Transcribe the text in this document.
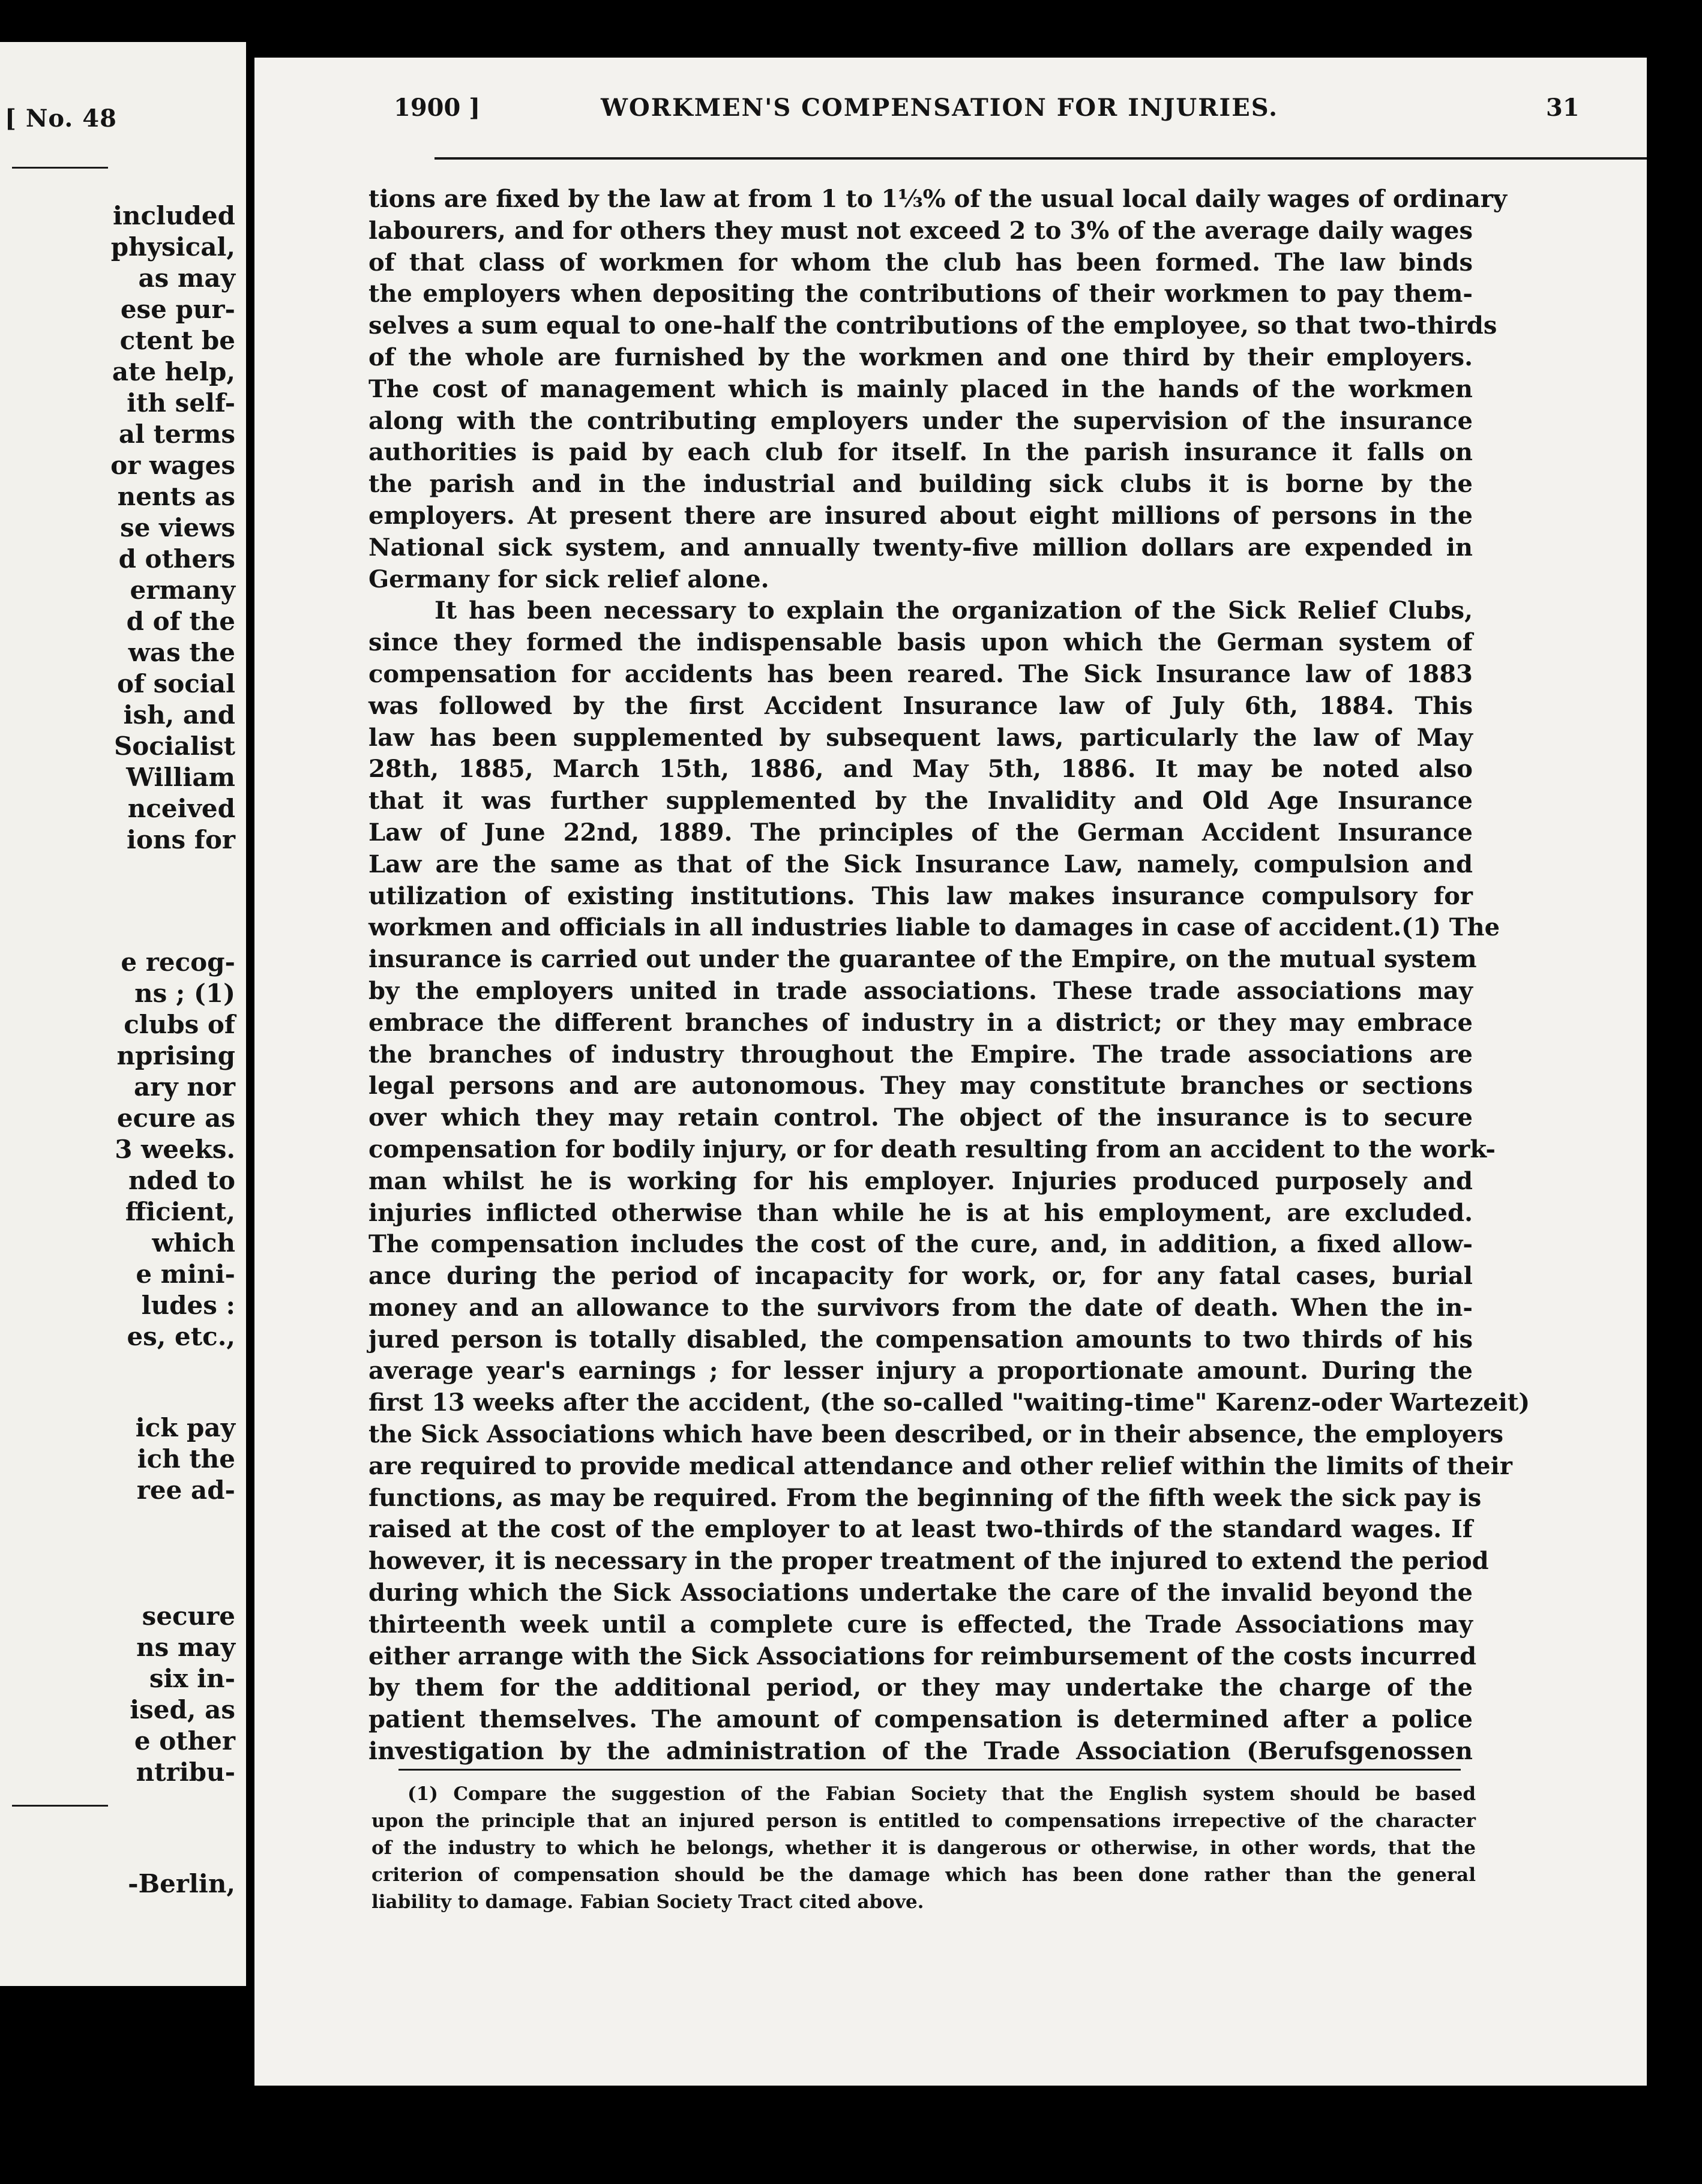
[ No. 48
included
physical,
as may
ese pur-
ctent be
ate help,
ith self-
al terms
or wages
nents as
se views
d others
ermany
d of the
was the
of social
ish, and
Socialist
William
nceived
ions for
e recog-
ns ; (1)
clubs of
nprising
ary nor
ecure as
3 weeks.
nded to
fficient,
which
e mini-
ludes :
es, etc.,
ick pay
ich the
ree ad-
secure
ns may
six in-
ised, as
e other
ntribu-
-Berlin,
1900 ]	WORKMEN'S COMPENSATION FOR INJURIES.	31
tions are fixed by the law at from 1 to 1⅓% of the usual local daily wages of ordinary
labourers, and for others they must not exceed 2 to 3% of the average daily wages
of that class of workmen for whom the club has been formed. The law binds
the employers when depositing the contributions of their workmen to pay them-
selves a sum equal to one-half the contributions of the employee, so that two-thirds
of the whole are furnished by the workmen and one third by their employers.
The cost of management which is mainly placed in the hands of the workmen
along with the contributing employers under the supervision of the insurance
authorities is paid by each club for itself. In the parish insurance it falls on
the parish and in the industrial and building sick clubs it is borne by the
employers. At present there are insured about eight millions of persons in the
National sick system, and annually twenty-five million dollars are expended in
Germany for sick relief alone.
It has been necessary to explain the organization of the Sick Relief Clubs,
since they formed the indispensable basis upon which the German system of
compensation for accidents has been reared. The Sick Insurance law of 1883
was followed by the first Accident Insurance law of July 6th, 1884. This
law has been supplemented by subsequent laws, particularly the law of May
28th, 1885, March 15th, 1886, and May 5th, 1886. It may be noted also
that it was further supplemented by the Invalidity and Old Age Insurance
Law of June 22nd, 1889. The principles of the German Accident Insurance
Law are the same as that of the Sick Insurance Law, namely, compulsion and
utilization of existing institutions. This law makes insurance compulsory for
workmen and officials in all industries liable to damages in case of accident.(1) The
insurance is carried out under the guarantee of the Empire, on the mutual system
by the employers united in trade associations. These trade associations may
embrace the different branches of industry in a district; or they may embrace
the branches of industry throughout the Empire. The trade associations are
legal persons and are autonomous. They may constitute branches or sections
over which they may retain control. The object of the insurance is to secure
compensation for bodily injury, or for death resulting from an accident to the work-
man whilst he is working for his employer. Injuries produced purposely and
injuries inflicted otherwise than while he is at his employment, are excluded.
The compensation includes the cost of the cure, and, in addition, a fixed allow-
ance during the period of incapacity for work, or, for any fatal cases, burial
money and an allowance to the survivors from the date of death. When the in-
jured person is totally disabled, the compensation amounts to two thirds of his
average year's earnings ; for lesser injury a proportionate amount. During the
first 13 weeks after the accident, (the so-called "waiting-time" Karenz-oder Wartezeit)
the Sick Associations which have been described, or in their absence, the employers
are required to provide medical attendance and other relief within the limits of their
functions, as may be required. From the beginning of the fifth week the sick pay is
raised at the cost of the employer to at least two-thirds of the standard wages. If
however, it is necessary in the proper treatment of the injured to extend the period
during which the Sick Associations undertake the care of the invalid beyond the
thirteenth week until a complete cure is effected, the Trade Associations may
either arrange with the Sick Associations for reimbursement of the costs incurred
by them for the additional period, or they may undertake the charge of the
patient themselves. The amount of compensation is determined after a police
investigation by the administration of the Trade Association (Berufsgenossen
(1) Compare the suggestion of the Fabian Society that the English system should be based
upon the principle that an injured person is entitled to compensations irrepective of the character
of the industry to which he belongs, whether it is dangerous or otherwise, in other words, that the
criterion of compensation should be the damage which has been done rather than the general
liability to damage. Fabian Society Tract cited above.
